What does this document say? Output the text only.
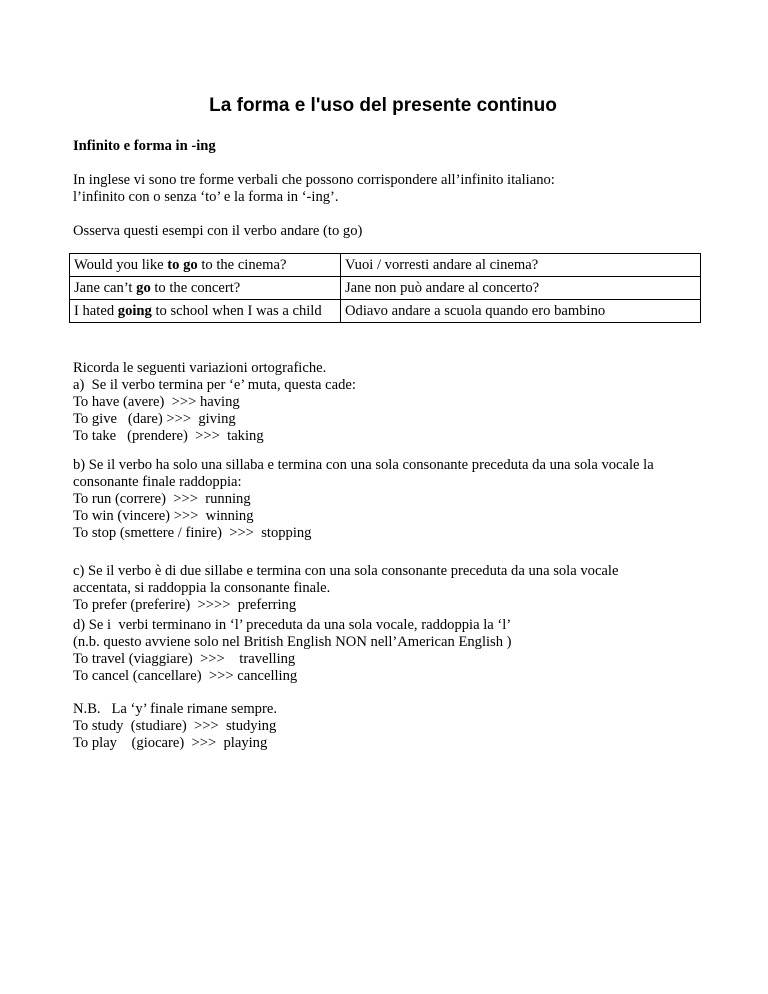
La forma e l'uso del presente continuo

Infinito e forma in -ing

In inglese vi sono tre forme verbali che possono corrispondere all’infinito italiano:

l’infinito con o senza ‘to’ e la forma in ‘-ing’.

Osserva questi esempi con il verbo andare (to go)

Would you like to go to the cinema?	Vuoi / vorresti andare al cinema?
Jane can’t go to the concert?	Jane non può andare al concerto?
I hated going to school when I was a child	Odiavo andare a scuola quando ero bambino

Ricorda le seguenti variazioni ortografiche.

a)  Se il verbo termina per ‘e’ muta, questa cade:

To have (avere)  >>> having

To give   (dare) >>>  giving

To take   (prendere)  >>>  taking

b) Se il verbo ha solo una sillaba e termina con una sola consonante preceduta da una sola vocale la

consonante finale raddoppia:

To run (correre)  >>>  running

To win (vincere) >>>  winning

To stop (smettere / finire)  >>>  stopping

c) Se il verbo è di due sillabe e termina con una sola consonante preceduta da una sola vocale

accentata, si raddoppia la consonante finale.

To prefer (preferire)  >>>>  preferring

d) Se i  verbi terminano in ‘l’ preceduta da una sola vocale, raddoppia la ‘l’

(n.b. questo avviene solo nel British English NON nell’American English )

To travel (viaggiare)  >>>    travelling

To cancel (cancellare)  >>> cancelling

N.B.   La ‘y’ finale rimane sempre.

To study  (studiare)  >>>  studying

To play    (giocare)  >>>  playing
